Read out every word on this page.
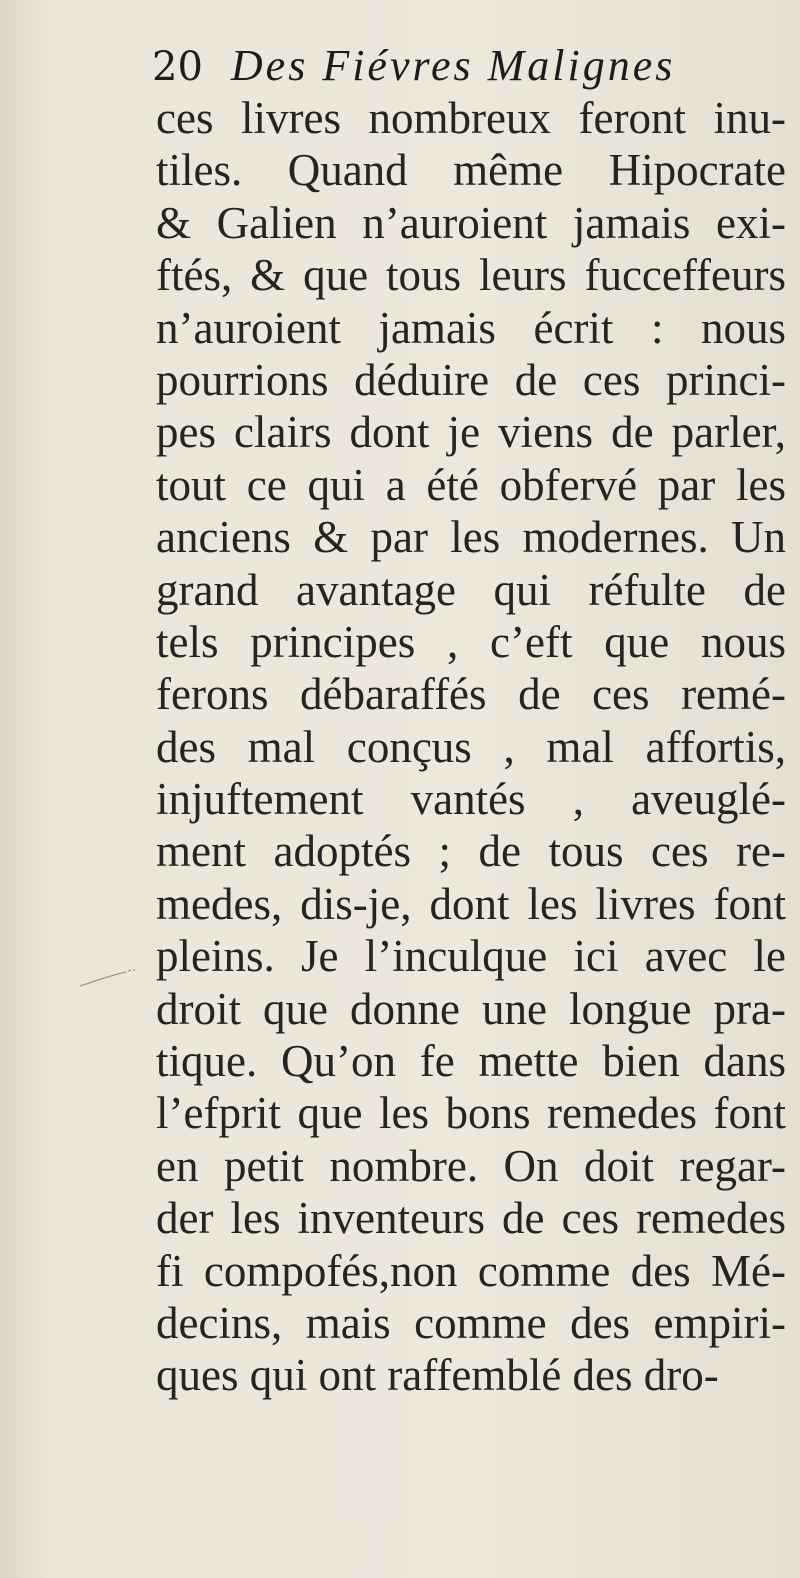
20 Des Fiévres Malignes
ces livres nombreux feront inu-
tiles. Quand même Hipocrate
& Galien n’auroient jamais exi-
ftés, & que tous leurs fucceffeurs
n’auroient jamais écrit : nous
pourrions déduire de ces princi-
pes clairs dont je viens de parler,
tout ce qui a été obfervé par les
anciens & par les modernes. Un
grand avantage qui réfulte de
tels principes , c’eft que nous
ferons débaraffés de ces remé-
des mal conçus , mal affortis,
injuftement vantés , aveuglé-
ment adoptés ; de tous ces re-
medes, dis-je, dont les livres font
pleins. Je l’inculque ici avec le
droit que donne une longue pra-
tique. Qu’on fe mette bien dans
l’efprit que les bons remedes font
en petit nombre. On doit regar-
der les inventeurs de ces remedes
fi compofés,non comme des Mé-
decins, mais comme des empiri-
ques qui ont raffemblé des dro-
